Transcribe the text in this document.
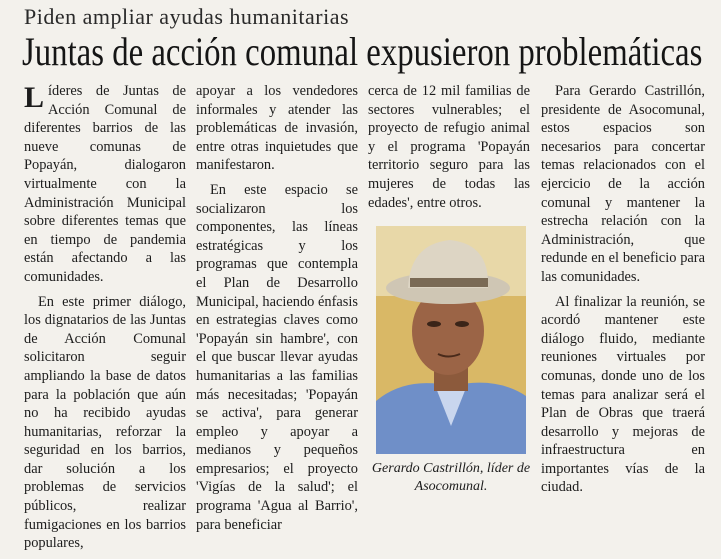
Piden ampliar ayudas humanitarias
Juntas de acción comunal expusieron problemáticas

Líderes de Juntas de Acción Comunal de diferentes barrios de las nueve comunas de Popayán, dialogaron virtualmente con la Administración Municipal sobre diferentes temas que en tiempo de pandemia están afectando a las comunidades.

En este primer diálogo, los dignatarios de las Juntas de Acción Comunal solicitaron seguir ampliando la base de datos para la población que aún no ha recibido ayudas humanitarias, reforzar la seguridad en los barrios, dar solución a los problemas de servicios públicos, realizar fumigaciones en los barrios populares,

apoyar a los vendedores informales y atender las problemáticas de invasión, entre otras inquietudes que manifestaron.

En este espacio se socializaron los componentes, las líneas estratégicas y los programas que contempla el Plan de Desarrollo Municipal, haciendo énfasis en estrategias claves como 'Popayán sin hambre', con el que buscar llevar ayudas humanitarias a las familias más necesitadas; 'Popayán se activa', para generar empleo y apoyar a medianos y pequeños empresarios; el proyecto 'Vigías de la salud'; el programa 'Agua al Barrio', para beneficiar

cerca de 12 mil familias de sectores vulnerables; el proyecto de refugio animal y el programa 'Popayán territorio seguro para las mujeres de todas las edades', entre otros.

Gerardo Castrillón, líder de Asocomunal.

Para Gerardo Castrillón, presidente de Asocomunal, estos espacios son necesarios para concertar temas relacionados con el ejercicio de la acción comunal y mantener la estrecha relación con la Administración, que redunde en el beneficio para las comunidades.

Al finalizar la reunión, se acordó mantener este diálogo fluido, mediante reuniones virtuales por comunas, donde uno de los temas para analizar será el Plan de Obras que traerá desarrollo y mejoras de infraestructura en importantes vías de la ciudad.
